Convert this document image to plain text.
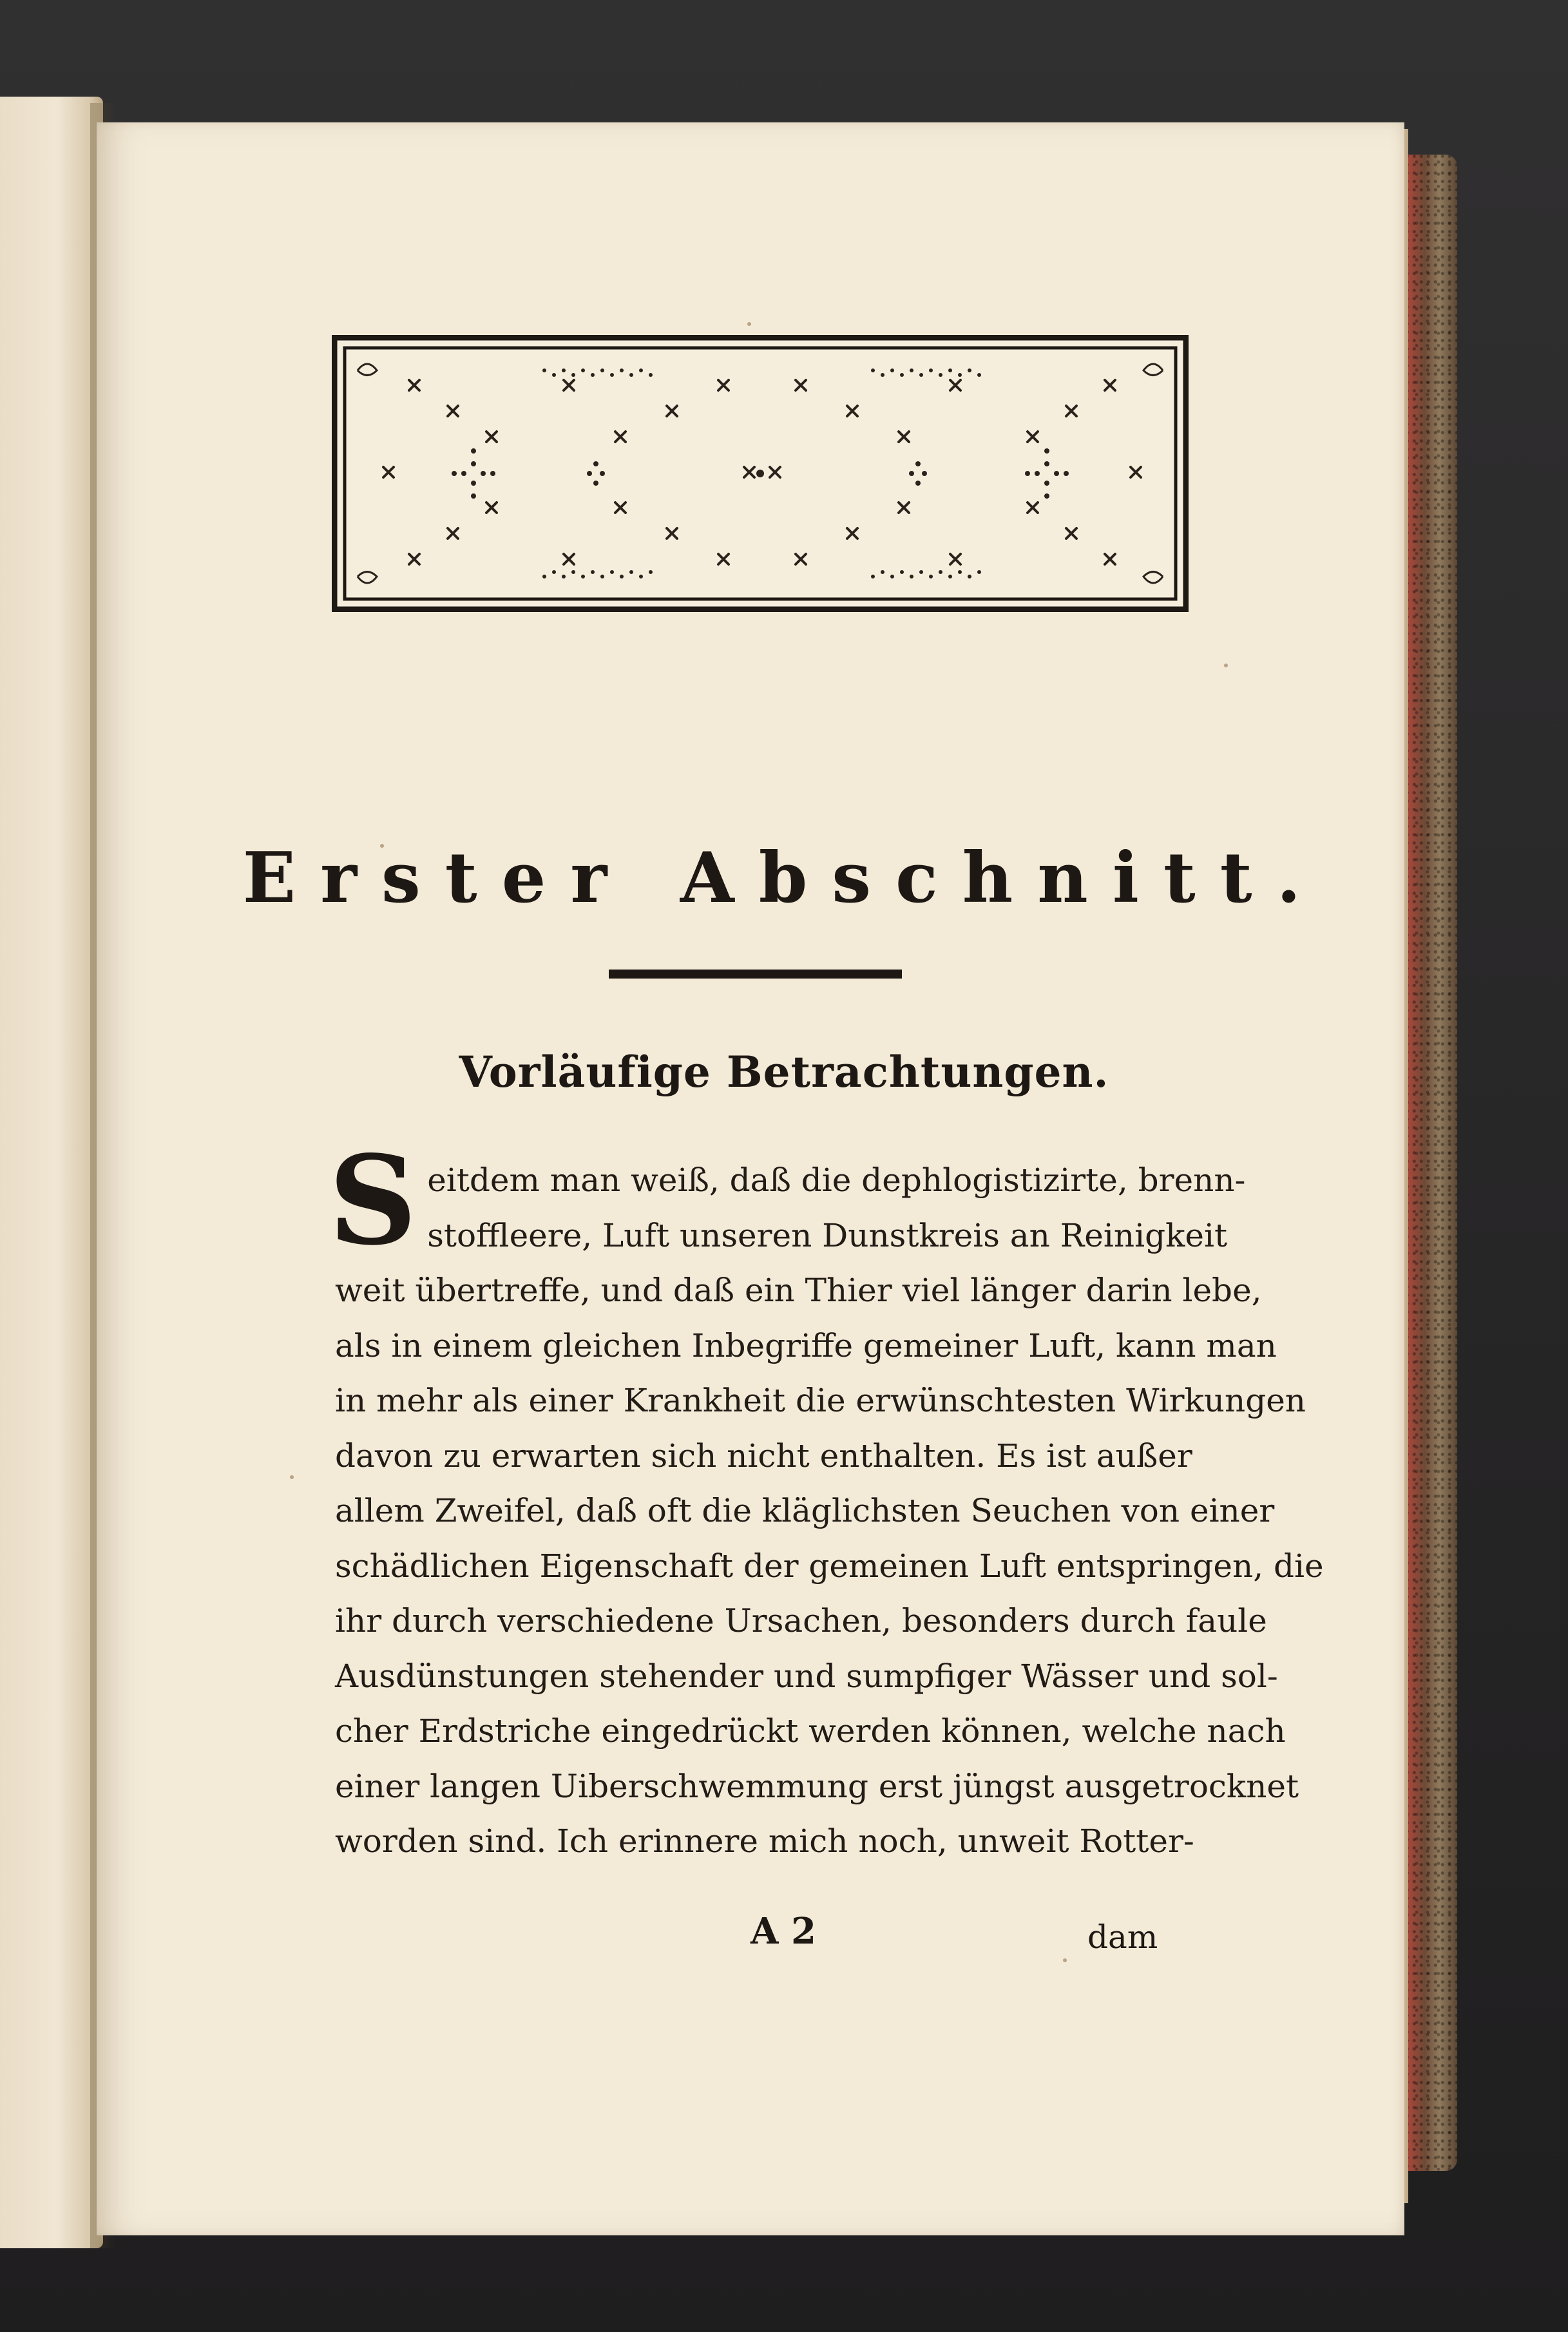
Erster Abschnitt.
Vorläufige Betrachtungen.
S eitdem man weiß, daß die dephlogistizirte, brenn-
stoffleere, Luft unseren Dunstkreis an Reinigkeit
weit übertreffe, und daß ein Thier viel länger darin lebe,
als in einem gleichen Inbegriffe gemeiner Luft, kann man
in mehr als einer Krankheit die erwünschtesten Wirkungen
davon zu erwarten sich nicht enthalten. Es ist außer
allem Zweifel, daß oft die kläglichsten Seuchen von einer
schädlichen Eigenschaft der gemeinen Luft entspringen, die
ihr durch verschiedene Ursachen, besonders durch faule
Ausdünstungen stehender und sumpfiger Wässer und sol-
cher Erdstriche eingedrückt werden können, welche nach
einer langen Uiberschwemmung erst jüngst ausgetrocknet
worden sind. Ich erinnere mich noch, unweit Rotter-
A 2	dam
